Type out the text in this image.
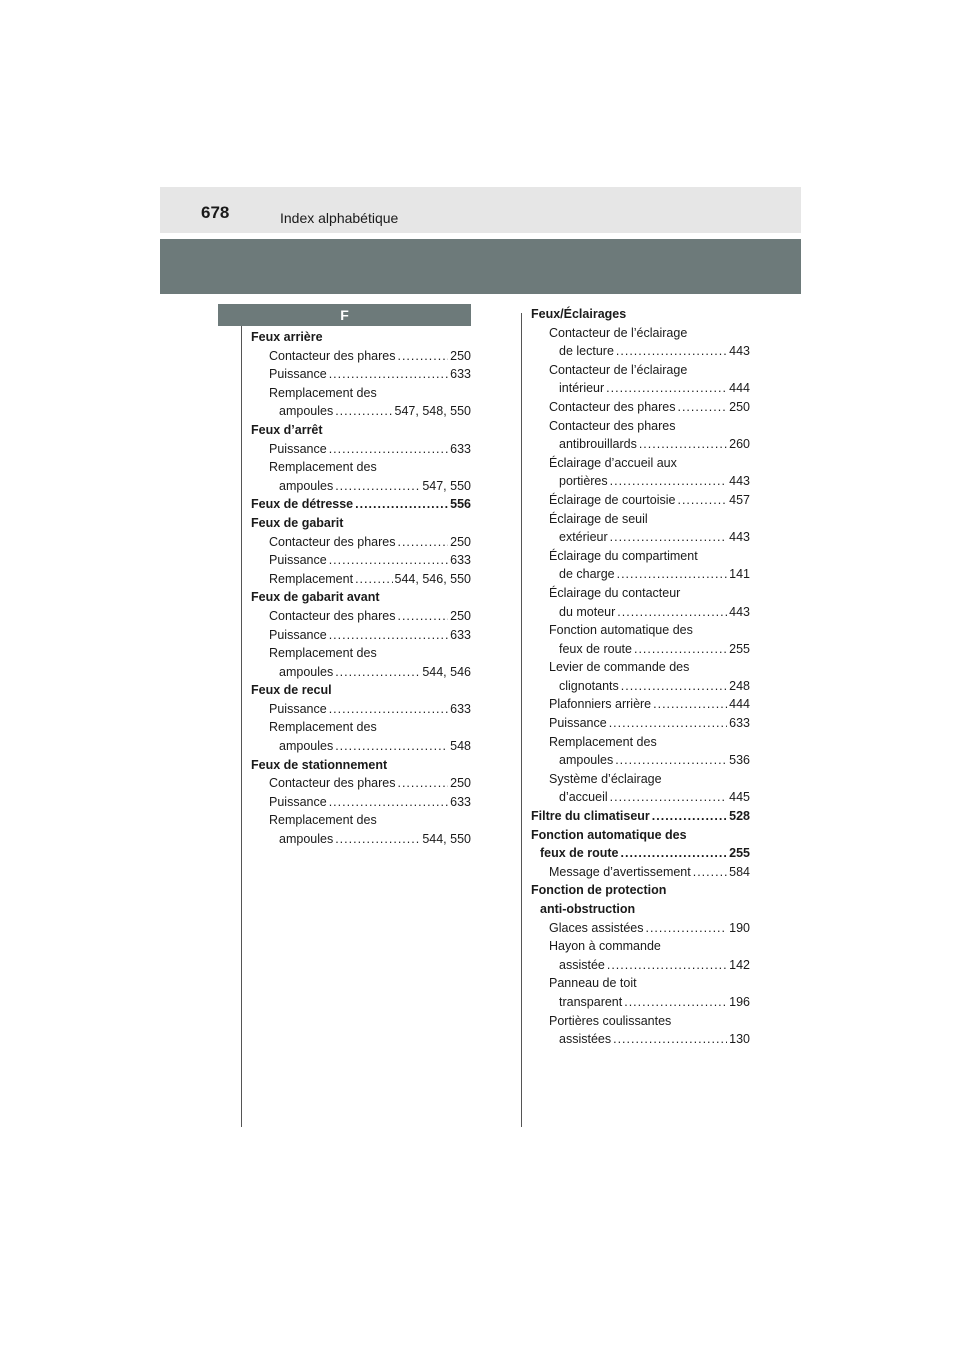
678	Index alphabétique
F
Feux arrière
Contacteur des phares .....	250
Puissance .....	633
Remplacement des
ampoules .....	547, 548, 550
Feux d’arrêt
Puissance .....	633
Remplacement des
ampoules .....	547, 550
Feux de détresse .....	556
Feux de gabarit
Contacteur des phares .....	250
Puissance .....	633
Remplacement .....	544, 546, 550
Feux de gabarit avant
Contacteur des phares .....	250
Puissance .....	633
Remplacement des
ampoules .....	544, 546
Feux de recul
Puissance .....	633
Remplacement des
ampoules .....	548
Feux de stationnement
Contacteur des phares .....	250
Puissance .....	633
Remplacement des
ampoules .....	544, 550
Feux/Éclairages
Contacteur de l’éclairage
de lecture .....	443
Contacteur de l’éclairage
intérieur .....	444
Contacteur des phares .....	250
Contacteur des phares
antibrouillards .....	260
Éclairage d’accueil aux
portières .....	443
Éclairage de courtoisie .....	457
Éclairage de seuil
extérieur .....	443
Éclairage du compartiment
de charge .....	141
Éclairage du contacteur
du moteur .....	443
Fonction automatique des
feux de route .....	255
Levier de commande des
clignotants .....	248
Plafonniers arrière .....	444
Puissance .....	633
Remplacement des
ampoules .....	536
Système d’éclairage
d’accueil .....	445
Filtre du climatiseur .....	528
Fonction automatique des
feux de route .....	255
Message d’avertissement .....	584
Fonction de protection
anti-obstruction
Glaces assistées .....	190
Hayon à commande
assistée .....	142
Panneau de toit
transparent .....	196
Portières coulissantes
assistées .....	130
